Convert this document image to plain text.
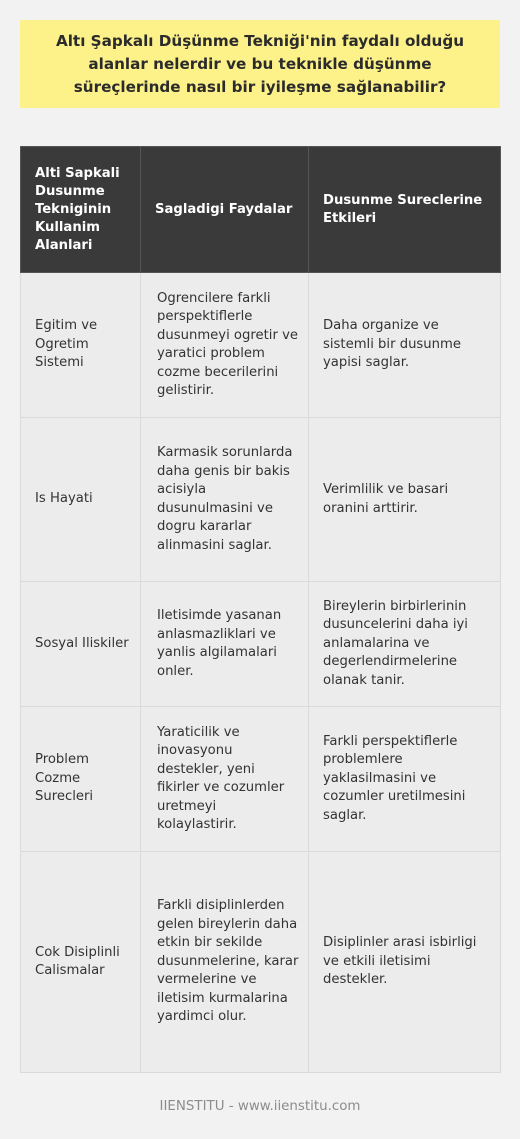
Altı Şapkalı Düşünme Tekniği'nin faydalı olduğu alanlar nelerdir ve bu teknikle düşünme süreçlerinde nasıl bir iyileşme sağlanabilir?
Alti Sapkali Dusunme Tekniginin Kullanim Alanlari	Sagladigi Faydalar	Dusunme Sureclerine Etkileri
Egitim ve Ogretim Sistemi	Ogrencilere farkli perspektiflerle dusunmeyi ogretir ve yaratici problem cozme becerilerini gelistirir.	Daha organize ve sistemli bir dusunme yapisi saglar.
Is Hayati	Karmasik sorunlarda daha genis bir bakis acisiyla dusunulmasini ve dogru kararlar alinmasini saglar.	Verimlilik ve basari oranini arttirir.
Sosyal Iliskiler	Iletisimde yasanan anlasmazliklari ve yanlis algilamalari onler.	Bireylerin birbirlerinin dusuncelerini daha iyi anlamalarina ve degerlendirmelerine olanak tanir.
Problem Cozme Surecleri	Yaraticilik ve inovasyonu destekler, yeni fikirler ve cozumler uretmeyi kolaylastirir.	Farkli perspektiflerle problemlere yaklasilmasini ve cozumler uretilmesini saglar.
Cok Disiplinli Calismalar	Farkli disiplinlerden gelen bireylerin daha etkin bir sekilde dusunmelerine, karar vermelerine ve iletisim kurmalarina yardimci olur.	Disiplinler arasi isbirligi ve etkili iletisimi destekler.
IIENSTITU - www.iienstitu.com
